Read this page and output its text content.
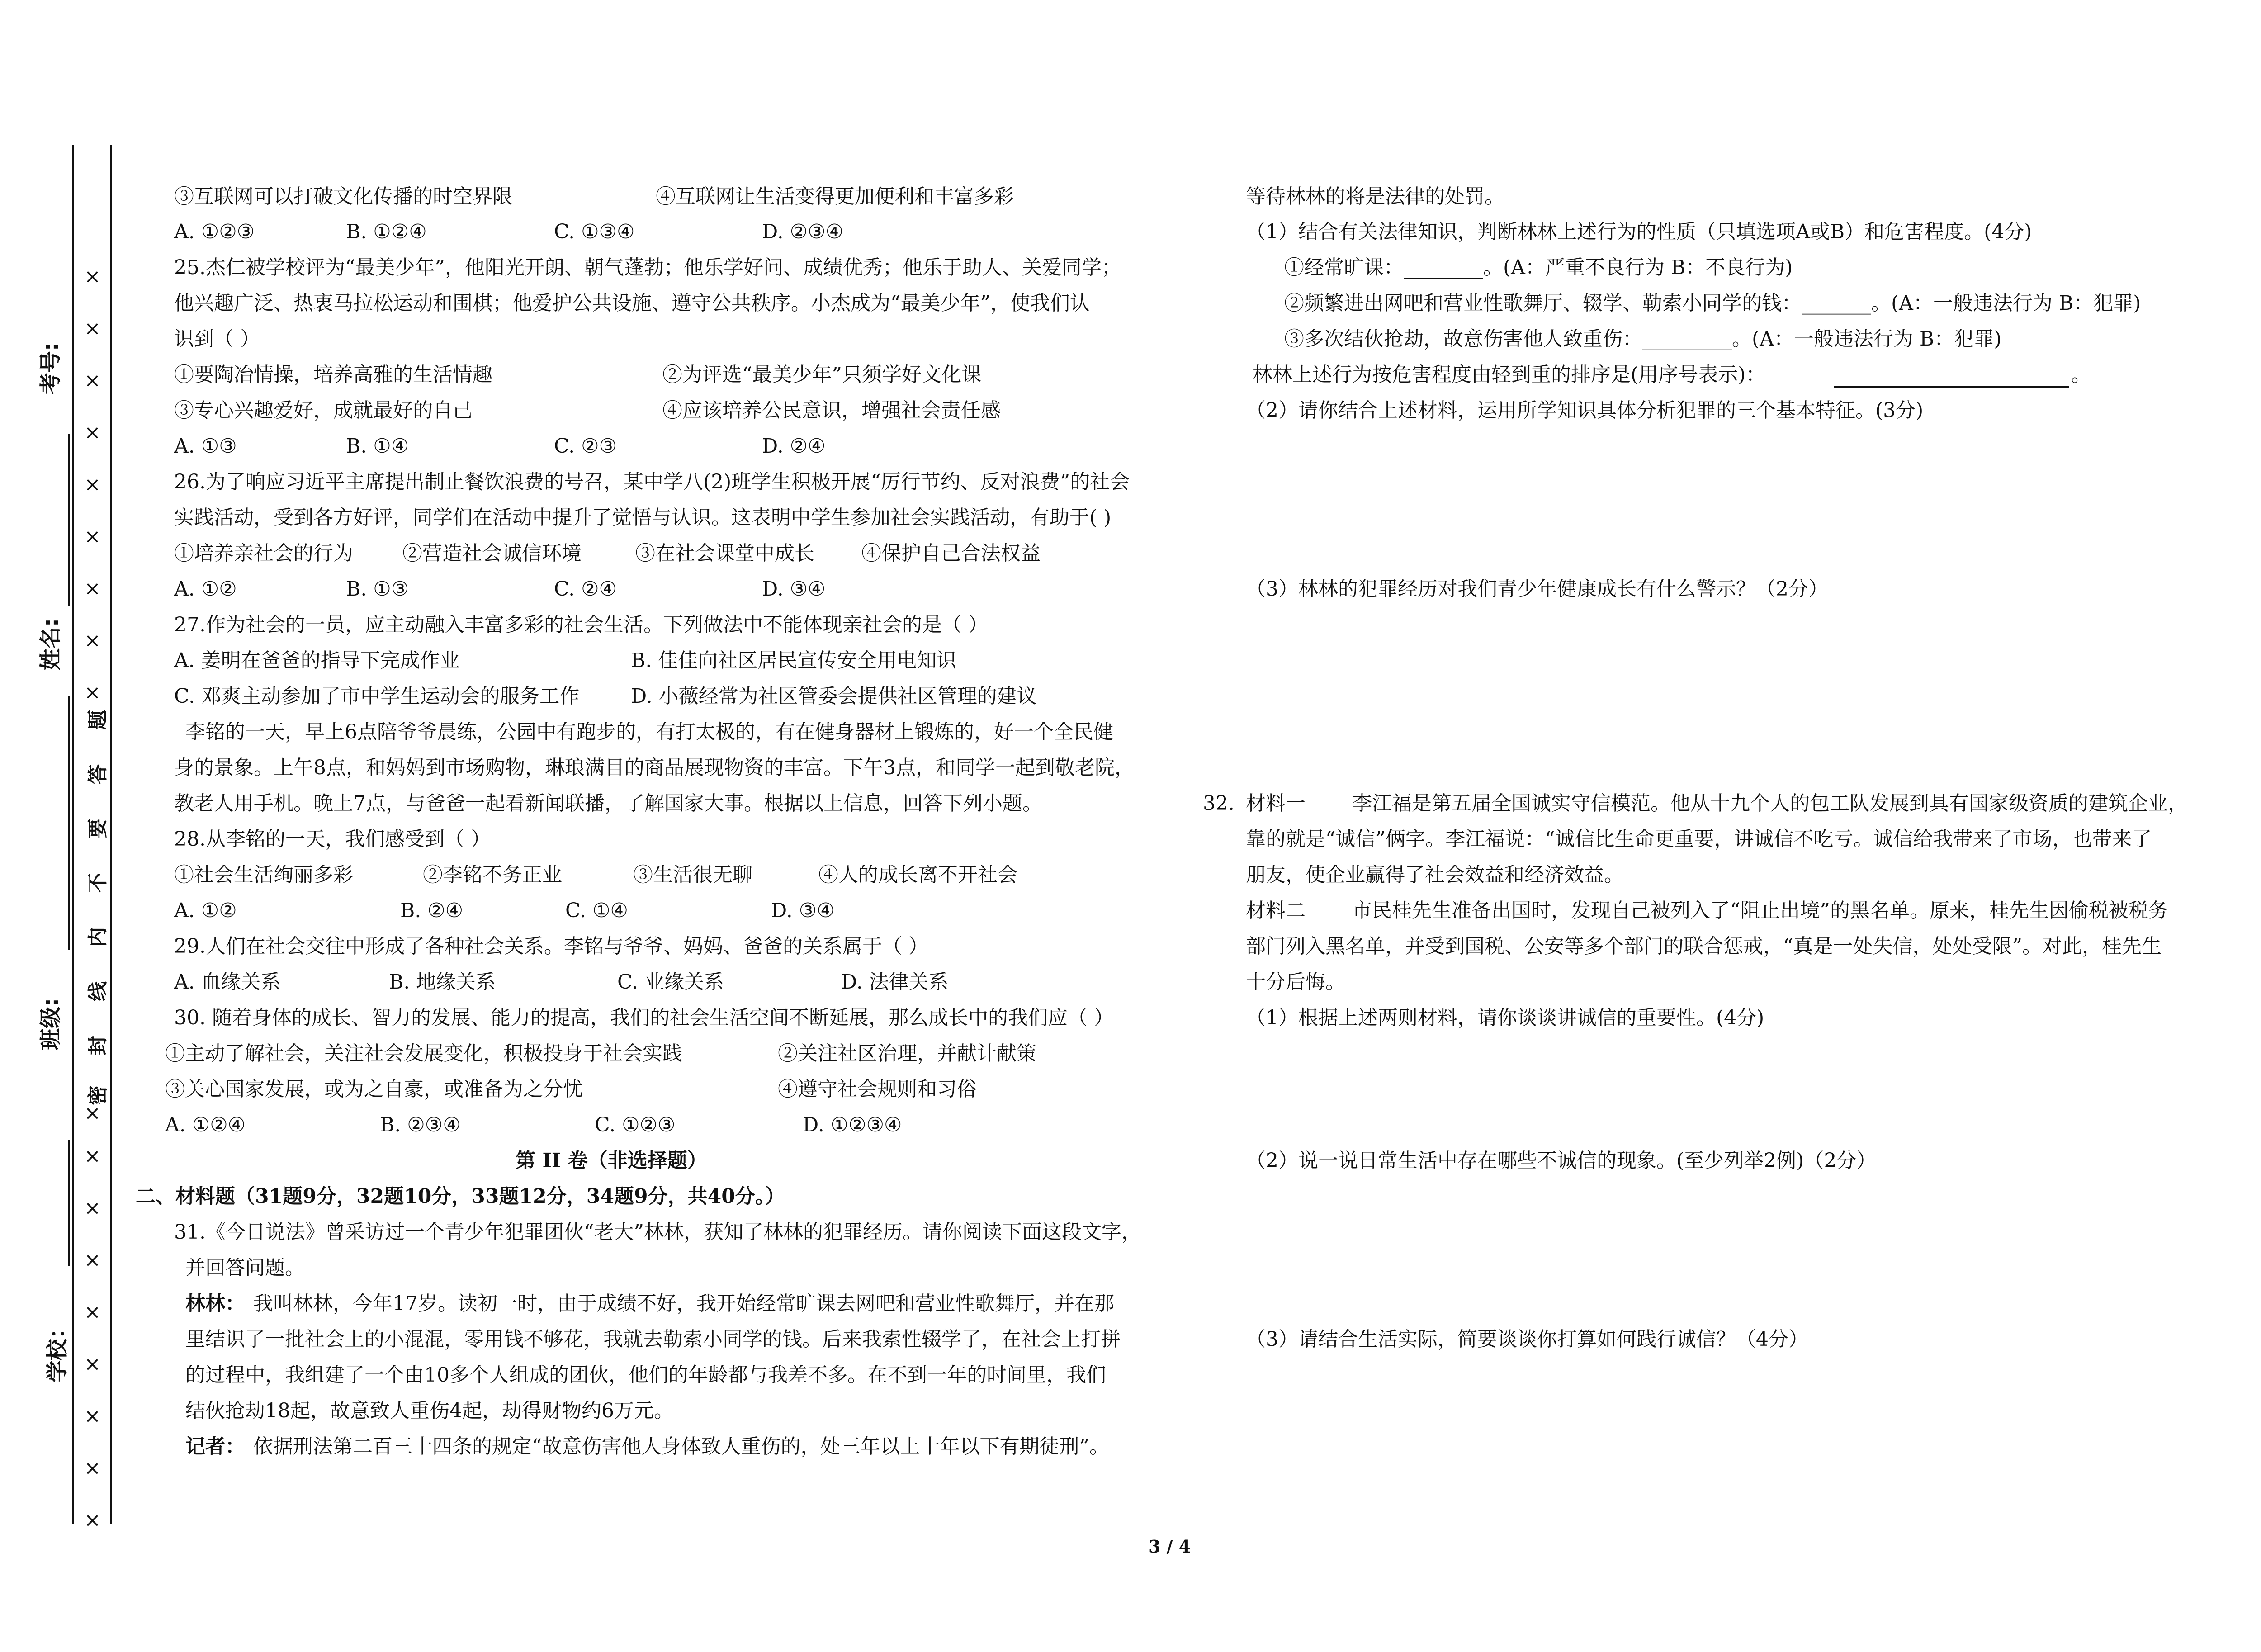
考号:
姓名:
班级:
学校：
题
答
要
不
内
线
封
密
×
×
×
×
×
×
×
×
×
×
×
×
×
×
×
×
×
×
③互联网可以打破文化传播的时空界限	④互联网让生活变得更加便利和丰富多彩
A. ①②③	B. ①②④	C. ①③④	D. ②③④
25.杰仁被学校评为“最美少年”，他阳光开朗、朝气蓬勃；他乐学好问、成绩优秀；他乐于助人、关爱同学；
他兴趣广泛、热衷马拉松运动和围棋；他爱护公共设施、遵守公共秩序。小杰成为“最美少年”，使我们认
识到（ ）
①要陶冶情操，培养高雅的生活情趣	②为评选“最美少年”只须学好文化课
③专心兴趣爱好，成就最好的自己	④应该培养公民意识，增强社会责任感
A. ①③	B. ①④	C. ②③	D. ②④
26.为了响应习近平主席提出制止餐饮浪费的号召，某中学八(2)班学生积极开展“厉行节约、反对浪费”的社会
实践活动，受到各方好评，同学们在活动中提升了觉悟与认识。这表明中学生参加社会实践活动，有助于( )
①培养亲社会的行为 ②营造社会诚信环境	③在社会课堂中成长 ④保护自己合法权益
A. ①②	B. ①③	C. ②④	D. ③④
27.作为社会的一员，应主动融入丰富多彩的社会生活。下列做法中不能体现亲社会的是（ ）
A. 姜明在爸爸的指导下完成作业	B. 佳佳向社区居民宣传安全用电知识
C. 邓爽主动参加了市中学生运动会的服务工作	D. 小薇经常为社区管委会提供社区管理的建议
李铭的一天，早上6点陪爷爷晨练，公园中有跑步的，有打太极的，有在健身器材上锻炼的，好一个全民健
身的景象。上午8点，和妈妈到市场购物，琳琅满目的商品展现物资的丰富。下午3点，和同学一起到敬老院，
教老人用手机。晚上7点，与爸爸一起看新闻联播，了解国家大事。根据以上信息，回答下列小题。
28.从李铭的一天，我们感受到（ ）
①社会生活绚丽多彩	②李铭不务正业	③生活很无聊	④人的成长离不开社会
A. ①②	B. ②④	C. ①④	D. ③④
29.人们在社会交往中形成了各种社会关系。李铭与爷爷、妈妈、爸爸的关系属于（ ）
A. 血缘关系	B. 地缘关系	C. 业缘关系	D. 法律关系
30. 随着身体的成长、智力的发展、能力的提高，我们的社会生活空间不断延展，那么成长中的我们应（ ）
①主动了解社会，关注社会发展变化，积极投身于社会实践	②关注社区治理，并献计献策
③关心国家发展，或为之自豪，或准备为之分忧	④遵守社会规则和习俗
A. ①②④	B. ②③④	C. ①②③	D. ①②③④
第 II 卷（非选择题）
二、材料题（31题9分，32题10分，33题12分，34题9分，共40分。）
31.《今日说法》曾采访过一个青少年犯罪团伙“老大”林林，获知了林林的犯罪经历。请你阅读下面这段文字，
并回答问题。
林林： 我叫林林，今年17岁。读初一时，由于成绩不好，我开始经常旷课去网吧和营业性歌舞厅，并在那
里结识了一批社会上的小混混，零用钱不够花，我就去勒索小同学的钱。后来我索性辍学了，在社会上打拼
的过程中，我组建了一个由10多个人组成的团伙，他们的年龄都与我差不多。在不到一年的时间里，我们
结伙抢劫18起，故意致人重伤4起，劫得财物约6万元。
记者： 依据刑法第二百三十四条的规定“故意伤害他人身体致人重伤的，处三年以上十年以下有期徒刑”。
等待林林的将是法律的处罚。
（1）结合有关法律知识，判断林林上述行为的性质（只填选项A或B）和危害程度。(4分)
①经常旷课：________。(A：严重不良行为 B：不良行为)
②频繁进出网吧和营业性歌舞厅、辍学、勒索小同学的钱：_______。(A：一般违法行为 B：犯罪)
③多次结伙抢劫，故意伤害他人致重伤：_________。(A：一般违法行为 B：犯罪)
林林上述行为按危害程度由轻到重的排序是(用序号表示)：	。
（2）请你结合上述材料，运用所学知识具体分析犯罪的三个基本特征。(3分)
（3）林林的犯罪经历对我们青少年健康成长有什么警示？（2分）
32. 材料一 李江福是第五届全国诚实守信模范。他从十九个人的包工队发展到具有国家级资质的建筑企业，
靠的就是“诚信”俩字。李江福说：“诚信比生命更重要，讲诚信不吃亏。诚信给我带来了市场，也带来了
朋友，使企业赢得了社会效益和经济效益。
材料二 市民桂先生准备出国时，发现自己被列入了“阻止出境”的黑名单。原来，桂先生因偷税被税务
部门列入黑名单，并受到国税、公安等多个部门的联合惩戒，“真是一处失信，处处受限”。对此，桂先生
十分后悔。
（1）根据上述两则材料，请你谈谈讲诚信的重要性。(4分)
（2）说一说日常生活中存在哪些不诚信的现象。(至少列举2例)（2分）
（3）请结合生活实际，简要谈谈你打算如何践行诚信？（4分）
3 / 4
